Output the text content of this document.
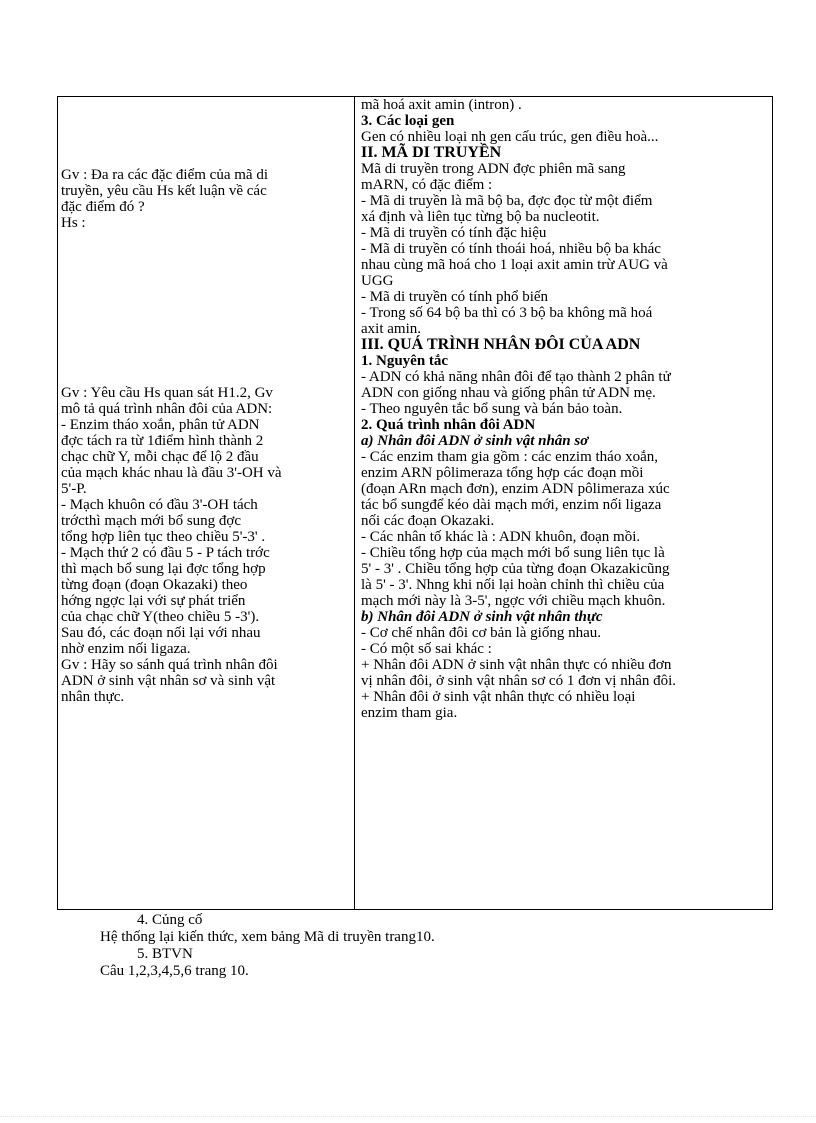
Gv : Đa ra các đặc điểm của mã di
truyền, yêu cầu Hs kết luận về các
đặc điểm đó ?
Hs :
Gv : Yêu cầu Hs quan sát H1.2, Gv
mô tả quá trình nhân đôi của ADN:
- Enzim tháo xoắn, phân tử ADN
đợc tách ra từ 1điểm hình thành 2
chạc chữ Y, mỗi chạc để lộ 2 đầu
của mạch khác nhau là đầu 3'-OH và
5'-P.
- Mạch khuôn có đầu 3'-OH tách
trớcthì mạch mới bổ sung đợc
tổng hợp liên tục theo chiều 5'-3' .
- Mạch thứ 2 có đầu 5 - P tách trớc
thì mạch bổ sung lại đợc tổng hợp
từng đoạn (đoạn Okazaki) theo
hớng ngợc lại với sự phát triển
của chạc chữ Y(theo chiều 5 -3').
Sau đó, các đoạn nối lại với nhau
nhờ enzim nối ligaza.
Gv : Hãy so sánh quá trình nhân đôi
ADN ở sinh vật nhân sơ và sinh vật
nhân thực.
mã hoá axit amin (intron) .
3. Các loại gen
Gen có nhiều loại nh gen cấu trúc, gen điều hoà...
II. MÃ DI TRUYỀN
Mã di truyền trong ADN đợc phiên mã sang
mARN, có đặc điểm :
- Mã di truyền là mã bộ ba, đợc đọc từ một điểm
xá định và liên tục từng bộ ba nucleotit.
- Mã di truyền có tính đặc hiệu
- Mã di truyền có tính thoái hoá, nhiều bộ ba khác
nhau cùng mã hoá cho 1 loại axit amin trừ AUG và
UGG
- Mã di truyền có tính phổ biến
- Trong số 64 bộ ba thì có 3 bộ ba không mã hoá
axit amin.
III. QUÁ TRÌNH NHÂN ĐÔI CỦA ADN
1. Nguyên tắc
- ADN có khả năng nhân đôi để tạo thành 2 phân tử
ADN con giống nhau và giống phân tử ADN mẹ.
- Theo nguyên tắc bổ sung và bán bảo toàn.
2. Quá trình nhân đôi ADN
a) Nhân đôi ADN ở sinh vật nhân sơ
- Các enzim tham gia gồm : các enzim tháo xoắn,
enzim ARN pôlimeraza tổng hợp các đoạn mồi
(đoạn ARn mạch đơn), enzim ADN pôlimeraza xúc
tác bổ sungđể kéo dài mạch mới, enzim nối ligaza
nối các đoạn Okazaki.
- Các nhân tố khác là : ADN khuôn, đoạn mồi.
- Chiều tổng hợp của mạch mới bổ sung liên tục là
5' - 3' . Chiều tổng hợp của từng đoạn Okazakicũng
là 5' - 3'. Nhng khi nối lại hoàn chỉnh thì chiều của
mạch mới này là 3-5', ngợc với chiều mạch khuôn.
b) Nhân đôi ADN ở sinh vật nhân thực
- Cơ chế nhân đôi cơ bản là giống nhau.
- Có một số sai khác :
+ Nhân đôi ADN ở sinh vật nhân thực có nhiều đơn
vị nhân đôi, ở sinh vật nhân sơ có 1 đơn vị nhân đôi.
+ Nhân đôi ở sinh vật nhân thực có nhiều loại
enzim tham gia.
4. Củng cố
Hệ thống lại kiến thức, xem bảng Mã di truyền trang10.
5. BTVN
Câu 1,2,3,4,5,6 trang 10.
